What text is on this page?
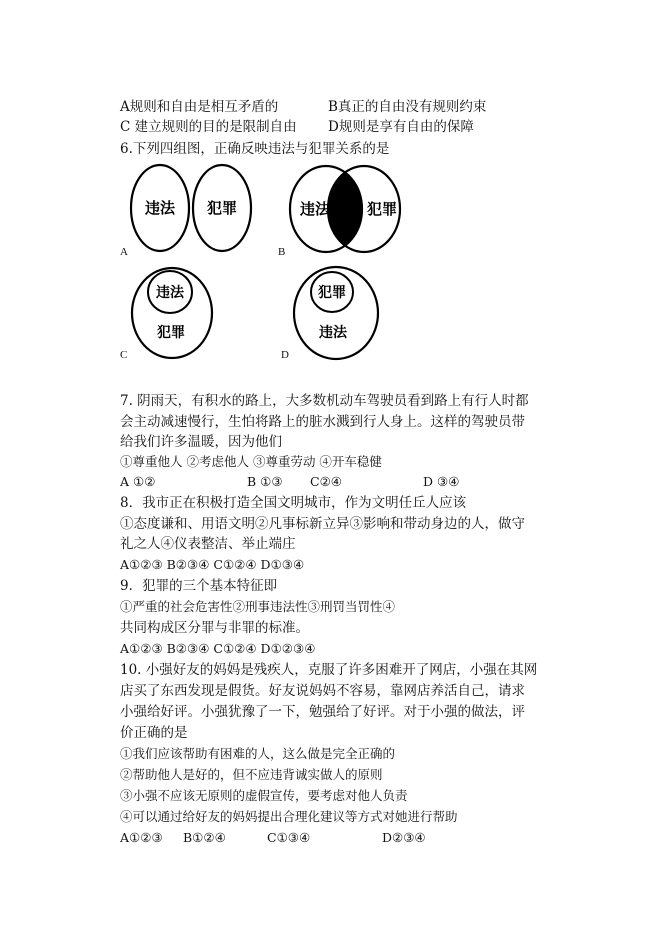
A规则和自由是相互矛盾的	B真正的自由没有规则约束
C 建立规则的目的是限制自由 D规则是享有自由的保障
6.下列四组图，正确反映违法与犯罪关系的是
违法 犯罪
A
违法 犯罪
B
违法
犯罪
C
犯罪
违法
D
7. 阴雨天，有积水的路上，大多数机动车驾驶员看到路上有行人时都
会主动减速慢行，生怕将路上的脏水溅到行人身上。这样的驾驶员带
给我们许多温暖，因为他们
①尊重他人 ②考虑他人 ③尊重劳动 ④开车稳健
A ①②	B ①③ C②④	D ③④
8．我市正在积极打造全国文明城市，作为文明任丘人应该
①态度谦和、用语文明②凡事标新立异③影响和带动身边的人，做守
礼之人④仪表整洁、举止端庄
A①②③ B②③④ C①②④ D①③④
9．犯罪的三个基本特征即
①严重的社会危害性②刑事违法性③刑罚当罚性④
共同构成区分罪与非罪的标准。
A①②③ B②③④ C①②④ D①②③④
10. 小强好友的妈妈是残疾人，克服了许多困难开了网店，小强在其网
店买了东西发现是假货。好友说妈妈不容易，靠网店养活自己，请求
小强给好评。小强犹豫了一下，勉强给了好评。对于小强的做法，评
价正确的是
①我们应该帮助有困难的人，这么做是完全正确的
②帮助他人是好的，但不应违背诚实做人的原则
③小强不应该无原则的虚假宣传，要考虑对他人负责
④可以通过给好友的妈妈提出合理化建议等方式对她进行帮助
A①②③ B①②④	C①③④	D②③④
